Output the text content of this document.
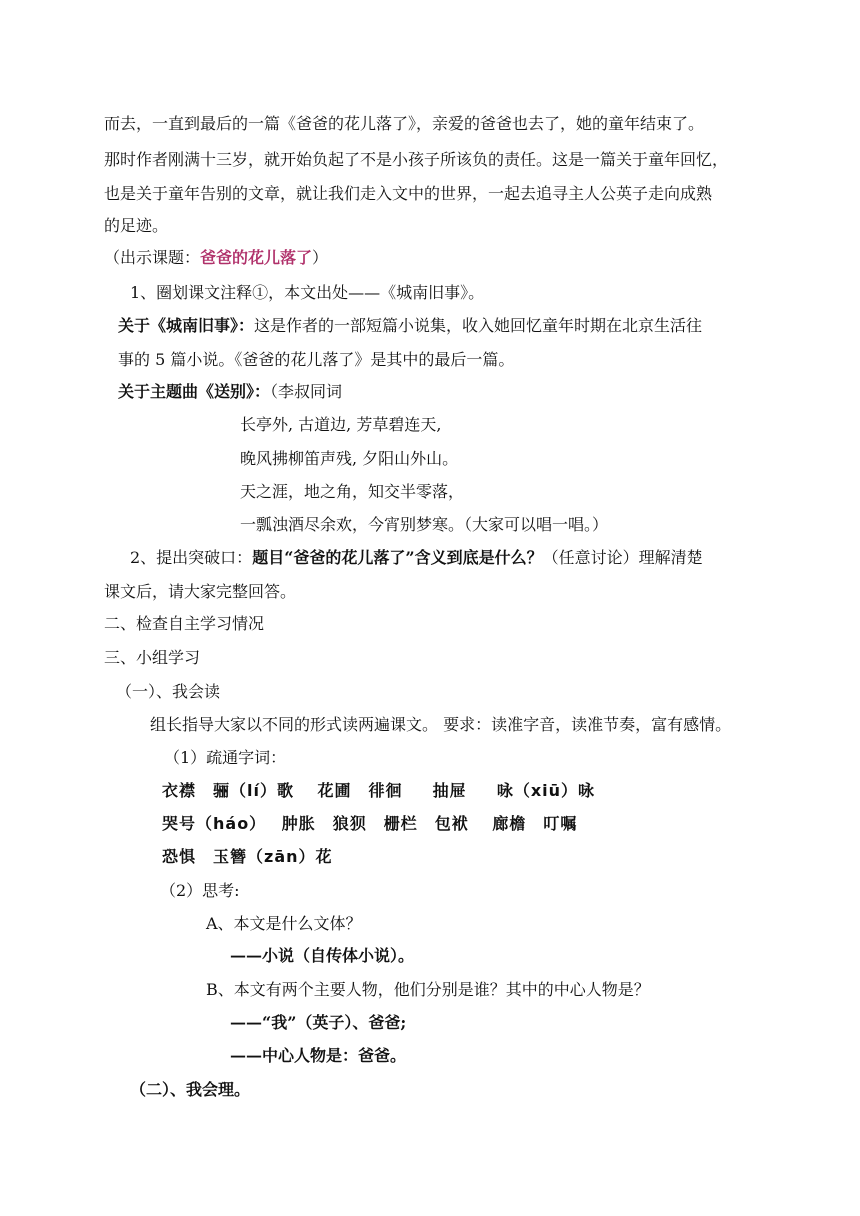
而去，一直到最后的一篇《爸爸的花儿落了》，亲爱的爸爸也去了，她的童年结束了。
那时作者刚满十三岁，就开始负起了不是小孩子所该负的责任。这是一篇关于童年回忆，
也是关于童年告别的文章，就让我们走入文中的世界，一起去追寻主人公英子走向成熟
的足迹。
（出示课题：爸爸的花儿落了）
1、圈划课文注释①，本文出处——《城南旧事》。
关于《城南旧事》：这是作者的一部短篇小说集，收入她回忆童年时期在北京生活往
事的 5 篇小说。《爸爸的花儿落了》是其中的最后一篇。
关于主题曲《送别》：（李叔同词
长亭外, 古道边, 芳草碧连天,
晚风拂柳笛声残, 夕阳山外山。
天之涯，地之角，知交半零落，
一瓢浊酒尽余欢，今宵别梦寒。（大家可以唱一唱。）
2、提出突破口：题目“爸爸的花儿落了”含义到底是什么？（任意讨论）理解清楚
课文后，请大家完整回答。
二、检查自主学习情况
三、小组学习
（一）、我会读
组长指导大家以不同的形式读两遍课文。 要求：读准字音，读准节奏，富有感情。
（1）疏通字词：
衣襟　骊（lí）歌　 花圃　徘徊 　 抽屉 　 咏（xiū）咏
哭号（háo）　 肿胀　狼狈　栅栏　包袱 　廊檐　叮嘱
恐惧　玉簪（zān）花
（2）思考:
A、本文是什么文体？
——小说（自传体小说）。
B、本文有两个主要人物，他们分别是谁？其中的中心人物是？
——“我”（英子）、爸爸;
——中心人物是：爸爸。
（二）、我会理。
